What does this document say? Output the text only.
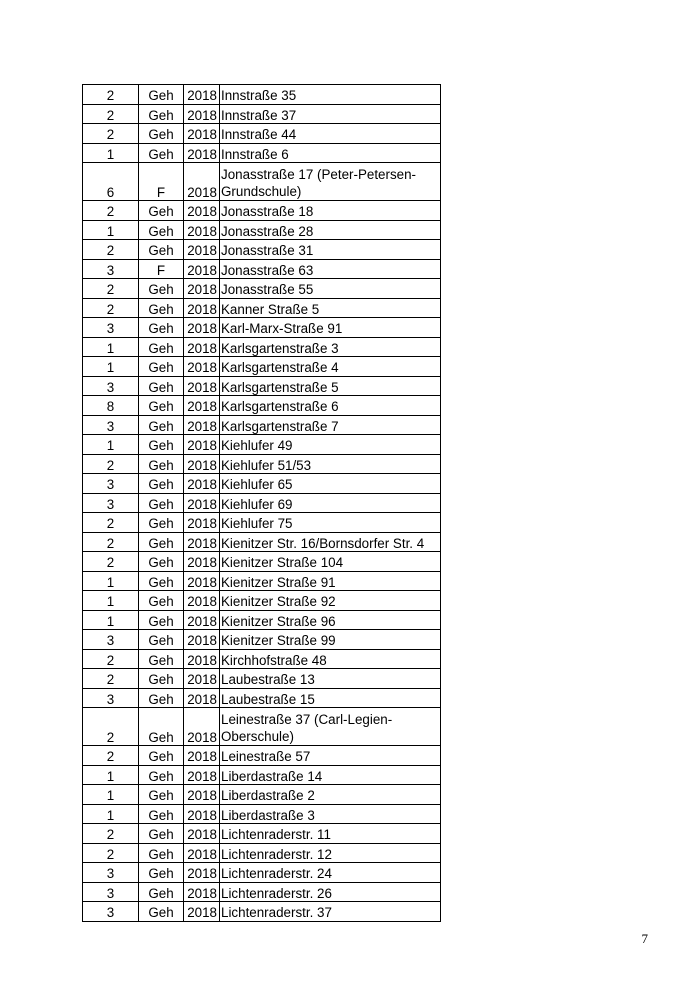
2	Geh	2018	Innstraße 35
2	Geh	2018	Innstraße 37
2	Geh	2018	Innstraße 44
1	Geh	2018	Innstraße 6
6	F	2018	Jonasstraße 17 (Peter-Petersen-Grundschule)
2	Geh	2018	Jonasstraße 18
1	Geh	2018	Jonasstraße 28
2	Geh	2018	Jonasstraße 31
3	F	2018	Jonasstraße 63
2	Geh	2018	Jonasstraße 55
2	Geh	2018	Kanner Straße 5
3	Geh	2018	Karl-Marx-Straße 91
1	Geh	2018	Karlsgartenstraße 3
1	Geh	2018	Karlsgartenstraße 4
3	Geh	2018	Karlsgartenstraße 5
8	Geh	2018	Karlsgartenstraße 6
3	Geh	2018	Karlsgartenstraße 7
1	Geh	2018	Kiehlufer 49
2	Geh	2018	Kiehlufer 51/53
3	Geh	2018	Kiehlufer 65
3	Geh	2018	Kiehlufer 69
2	Geh	2018	Kiehlufer 75
2	Geh	2018	Kienitzer Str. 16/Bornsdorfer Str. 4
2	Geh	2018	Kienitzer Straße 104
1	Geh	2018	Kienitzer Straße 91
1	Geh	2018	Kienitzer Straße 92
1	Geh	2018	Kienitzer Straße 96
3	Geh	2018	Kienitzer Straße 99
2	Geh	2018	Kirchhofstraße 48
2	Geh	2018	Laubestraße 13
3	Geh	2018	Laubestraße 15
2	Geh	2018	Leinestraße 37 (Carl-Legien-Oberschule)
2	Geh	2018	Leinestraße 57
1	Geh	2018	Liberdastraße 14
1	Geh	2018	Liberdastraße 2
1	Geh	2018	Liberdastraße 3
2	Geh	2018	Lichtenraderstr. 11
2	Geh	2018	Lichtenraderstr. 12
3	Geh	2018	Lichtenraderstr. 24
3	Geh	2018	Lichtenraderstr. 26
3	Geh	2018	Lichtenraderstr. 37
7
